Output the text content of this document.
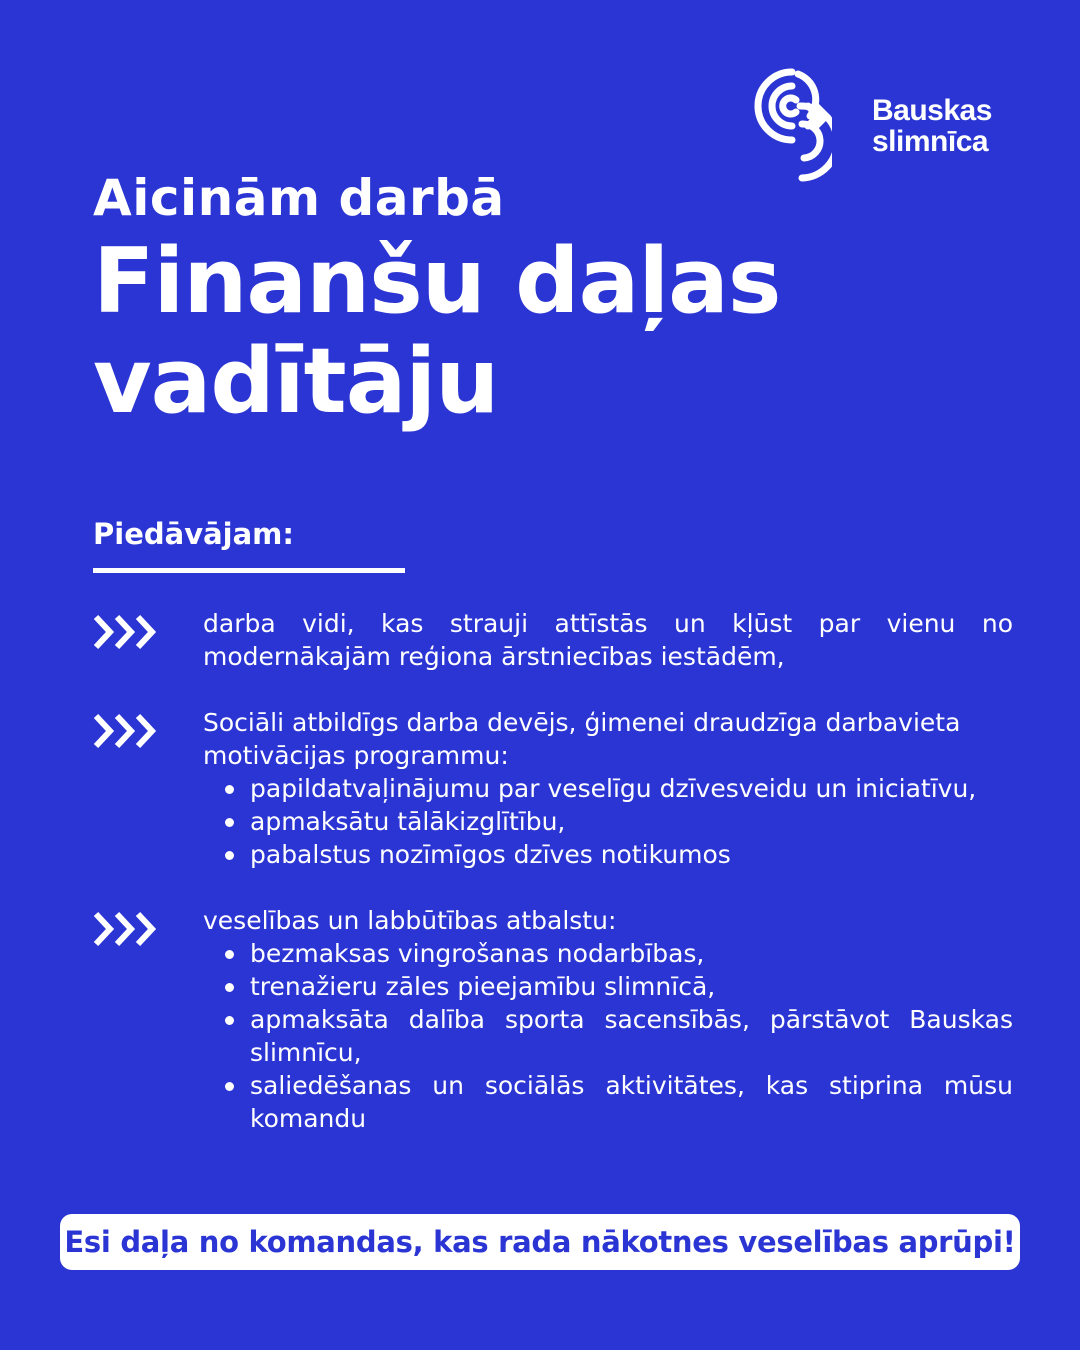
Bauskas
slimnīca
Aicinām darbā
Finanšu daļas
vadītāju
Piedāvājam:
darba vidi, kas strauji attīstās un kļūst par vienu no modernākajām reģiona ārstniecības iestādēm,
Sociāli atbildīgs darba devējs, ģimenei draudzīga darbavieta
motivācijas programmu:
papildatvaļinājumu par veselīgu dzīvesveidu un iniciatīvu,
apmaksātu tālākizglītību,
pabalstus nozīmīgos dzīves notikumos
veselības un labbūtības atbalstu:
bezmaksas vingrošanas nodarbības,
trenažieru zāles pieejamību slimnīcā,
apmaksāta dalība sporta sacensībās, pārstāvot Bauskas slimnīcu,
saliedēšanas un sociālās aktivitātes, kas stiprina mūsu komandu
Esi daļa no komandas, kas rada nākotnes veselības aprūpi!
